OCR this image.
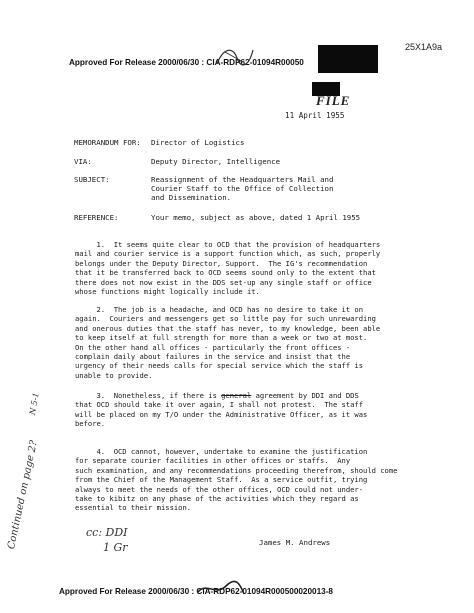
Approved For Release 2000/06/30 : CIA-RDP62-01094R00050
25X1A9a
FILE
11 April 1955
MEMORANDUM FOR: Director of Logistics
VIA:	Deputy Director, Intelligence
SUBJECT:	Reassignment of the Headquarters Mail and
Courier Staff to the Office of Collection
and Dissemination.
REFERENCE:	Your memo, subject as above, dated 1 April 1955
1.  It seems quite clear to OCD that the provision of headquarters
mail and courier service is a support function which, as such, properly
belongs under the Deputy Director, Support.  The IG's recommendation
that it be transferred back to OCD seems sound only to the extent that
there does not now exist in the DDS set-up any single staff or office
whose functions might logically include it.
2.  The job is a headache, and OCD has no desire to take it on
again.  Couriers and messengers get so little pay for such unrewarding
and onerous duties that the staff has never, to my knowledge, been able
to keep itself at full strength for more than a week or two at most.
On the other hand all offices - particularly the front offices -
complain daily about failures in the service and insist that the
urgency of their needs calls for special service which the staff is
unable to provide.
3.  Nonetheless, if there is general agreement by DDI and DDS
that OCD should take it over again, I shall not protest.  The staff
will be placed on my T/O under the Administrative Officer, as it was
before.
4.  OCD cannot, however, undertake to examine the justification
for separate courier facilities in other offices or staffs.  Any
such examination, and any recommendations proceeding therefrom, should come
from the Chief of the Management Staff.  As a service outfit, trying
always to meet the needs of the other offices, OCD could not under-
take to kibitz on any phase of the activities which they regard as
essential to their mission.
cc: DDI
1 Gr	James M. Andrews
Continued on page 2?
N 5-1
Approved For Release 2000/06/30 : CIA-RDP62-01094R000500020013-8
